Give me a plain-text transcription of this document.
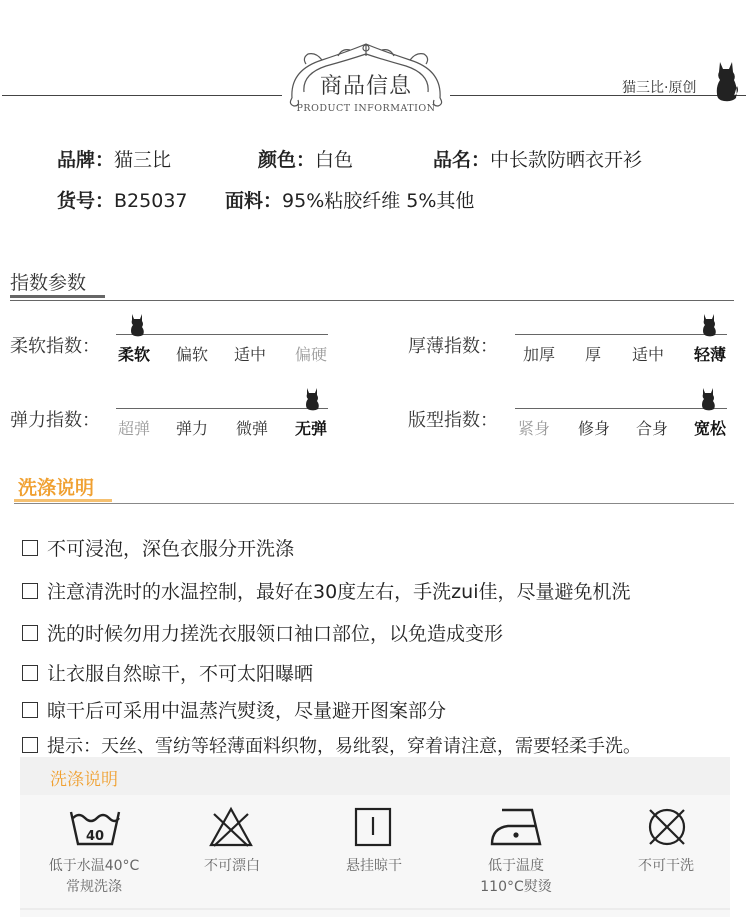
商品信息
PRODUCT INFORMATION
猫三比·原创
品牌：猫三比	颜色：白色	品名：中长款防晒衣开衫
货号：B25037 面料：95%粘胶纤维 5%其他
指数参数
柔软指数： 柔软 偏软 适中 偏硬	厚薄指数： 加厚 厚 适中 轻薄
弹力指数： 超弹 弹力 微弹 无弹	版型指数： 紧身 修身 合身 宽松
洗涤说明
不可浸泡，深色衣服分开洗涤
注意清洗时的水温控制，最好在30度左右，手洗zui佳，尽量避免机洗
洗的时候勿用力搓洗衣服领口袖口部位，以免造成变形
让衣服自然晾干，不可太阳曝晒
晾干后可采用中温蒸汽熨烫，尽量避开图案部分
提示：天丝、雪纺等轻薄面料织物，易纰裂，穿着请注意，需要轻柔手洗。
洗涤说明
40
低于水温40°C
常规洗涤
不可漂白	悬挂晾干	低于温度
110°C熨烫
不可干洗
